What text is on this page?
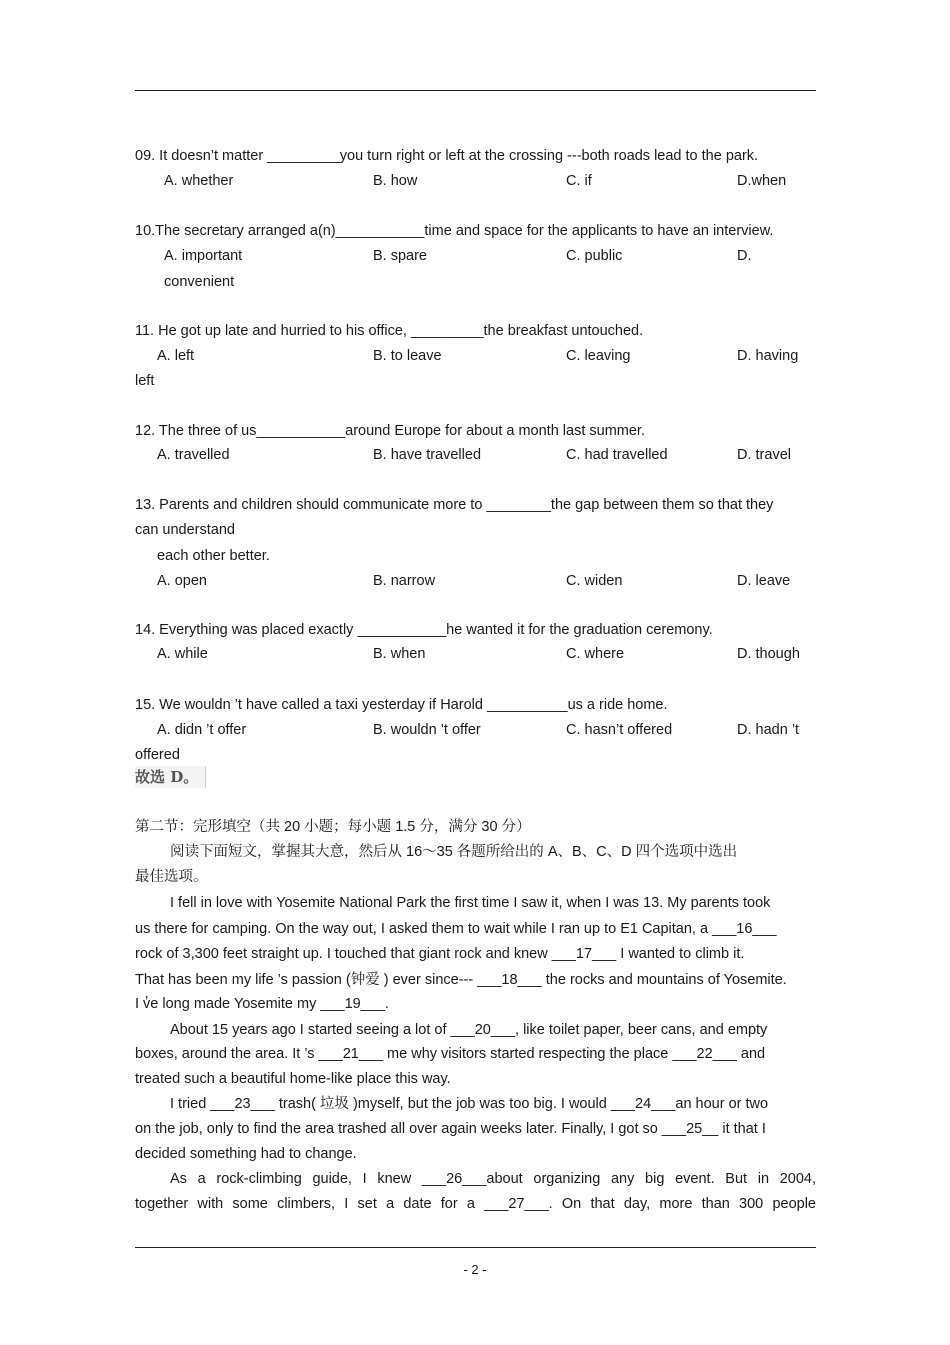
09. It doesn’t matter _________you turn right or left at the crossing ---both roads lead to the park.
A. whether	B. how	C. if	D.when
10.The secretary arranged a(n)___________time and space for the applicants to have an interview.
A. important	B. spare	C. public	D.
convenient
11. He got up late and hurried to his office, _________the breakfast untouched.
A. left	B. to leave	C. leaving	D. having
left
12. The three of us___________around Europe for about a month last summer.
A. travelled	B. have travelled	C. had travelled	D. travel
13. Parents and children should communicate more to ________the gap between them so that they
can understand
each other better.
A. open	B. narrow	C. widen	D. leave
14. Everything was placed exactly ___________he wanted it for the graduation ceremony.
A. while	B. when	C. where	D. though
15. We wouldn ’t have called a taxi yesterday if Harold __________us a ride home.
A. didn ’t offer	B. wouldn ’t offer	C. hasn’t offered	D. hadn ’t
offered
故选 D。
第二节：完形填空（共 20 小题；每小题 1.5 分，满分 30 分）
阅读下面短文，掌握其大意，然后从 16～35 各题所给出的 A、B、C、D 四个选项中选出
最佳选项。
I fell in love with Yosemite National Park the first time I saw it, when I was 13. My parents took
us there for camping. On the way out, I asked them to wait while I ran up to E1 Capitan, a ___16___
rock of 3,300 feet straight up. I touched that giant rock and knew ___17___ I wanted to climb it.
That has been my life ’s passion (钟爱 ) ever since--- ___18___ the rocks and mountains of Yosemite.
I v̓e long made Yosemite my ___19___.
About 15 years ago I started seeing a lot of ___20___, like toilet paper, beer cans, and empty
boxes, around the area. It ’s ___21___ me why visitors started respecting the place ___22___ and
treated such a beautiful home-like place this way.
I tried ___23___ trash( 垃圾 )myself, but the job was too big. I would ___24___an hour or two
on the job, only to find the area trashed all over again weeks later. Finally, I got so ___25__ it that I
decided something had to change.
As a rock-climbing guide, I knew ___26___about organizing any big event. But in 2004,
together with some climbers, I set a date for a ___27___. On that day, more than 300 people
- 2 -
